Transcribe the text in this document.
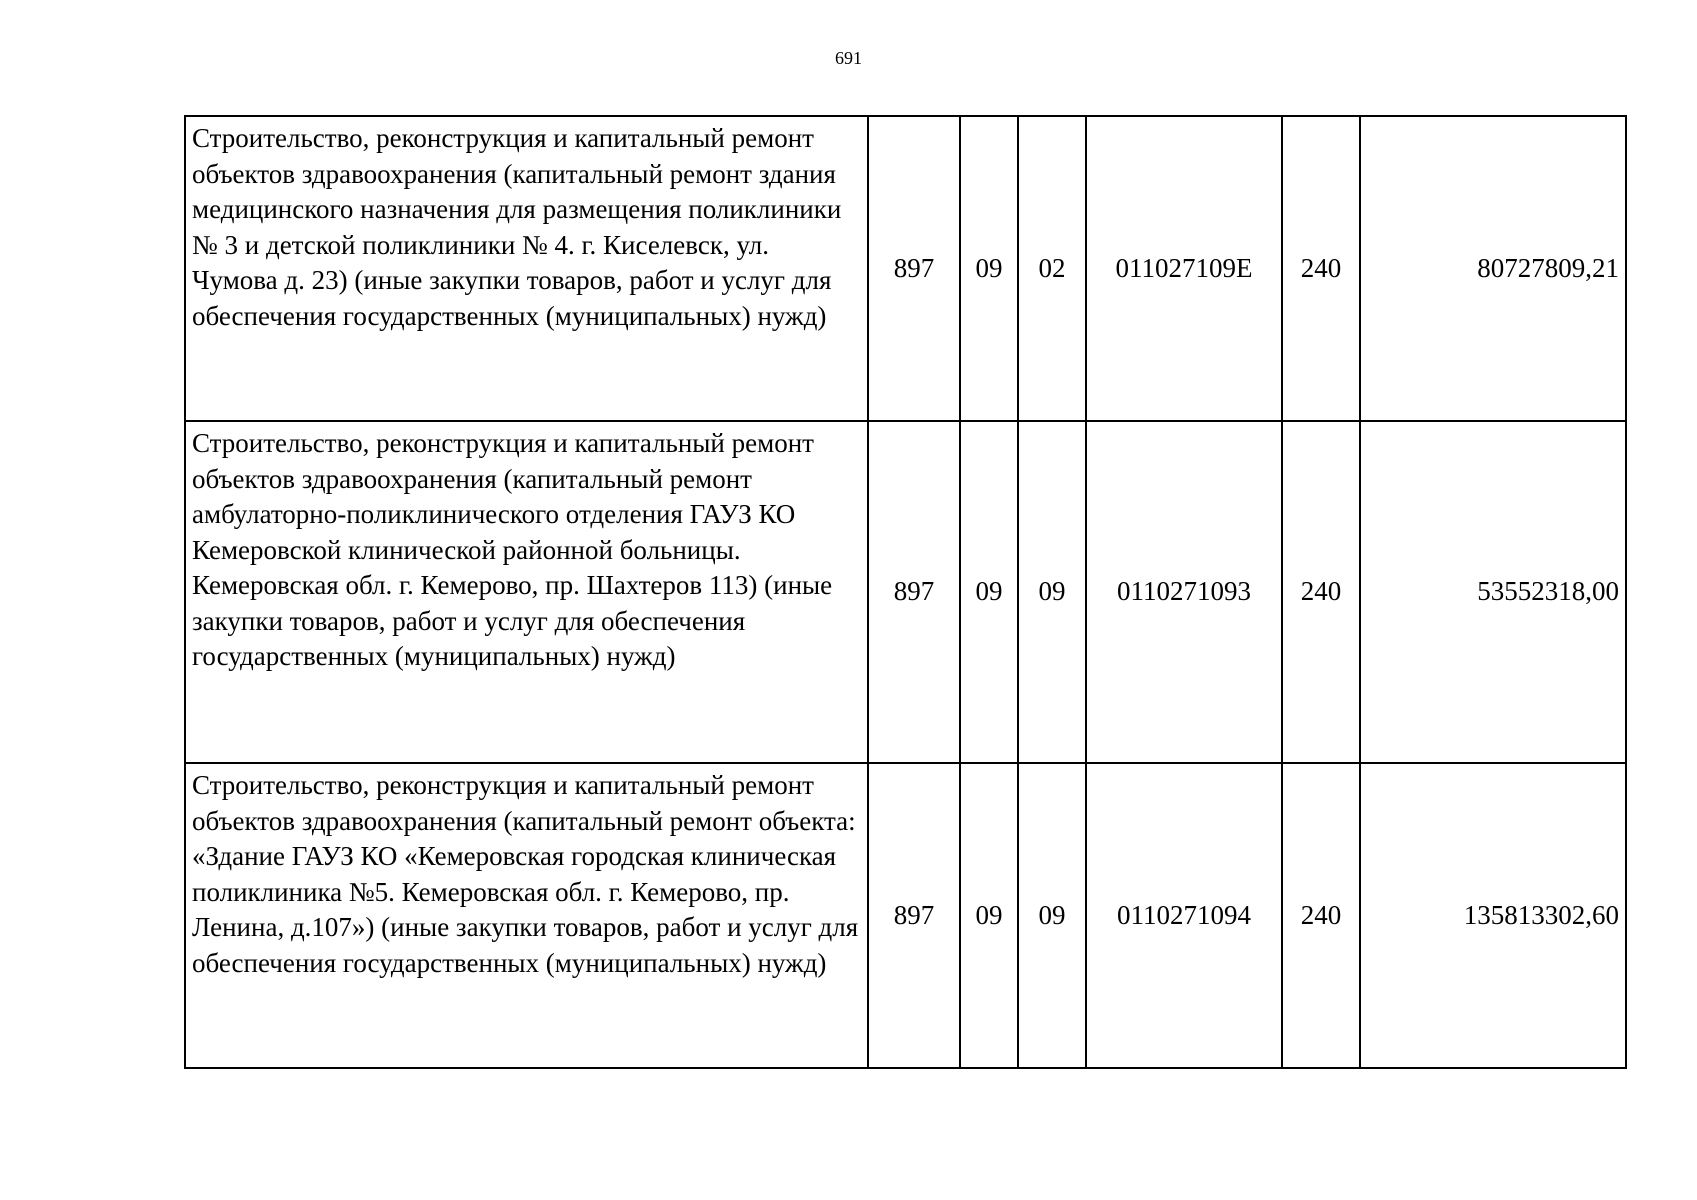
691
Строительство, реконструкция и капитальный ремонт объектов здравоохранения (капитальный ремонт здания медицинского назначения для размещения поликлиники № 3 и детской поликлиники № 4. г. Киселевск, ул. Чумова д. 23) (иные закупки товаров, работ и услуг для обеспечения государственных (муниципальных) нужд)	897	09	02	011027109Е	240	80727809,21
Строительство, реконструкция и капитальный ремонт объектов здравоохранения (капитальный ремонт амбулаторно-поликлинического отделения ГАУЗ КО Кемеровской клинической районной больницы. Кемеровская обл. г. Кемерово, пр. Шахтеров 113) (иные закупки товаров, работ и услуг для обеспечения государственных (муниципальных) нужд)	897	09	09	0110271093	240	53552318,00
Строительство, реконструкция и капитальный ремонт объектов здравоохранения (капитальный ремонт объекта: «Здание ГАУЗ КО «Кемеровская городская клиническая поликлиника №5. Кемеровская обл. г. Кемерово, пр. Ленина, д.107») (иные закупки товаров, работ и услуг для обеспечения государственных (муниципальных) нужд)	897	09	09	0110271094	240	135813302,60
